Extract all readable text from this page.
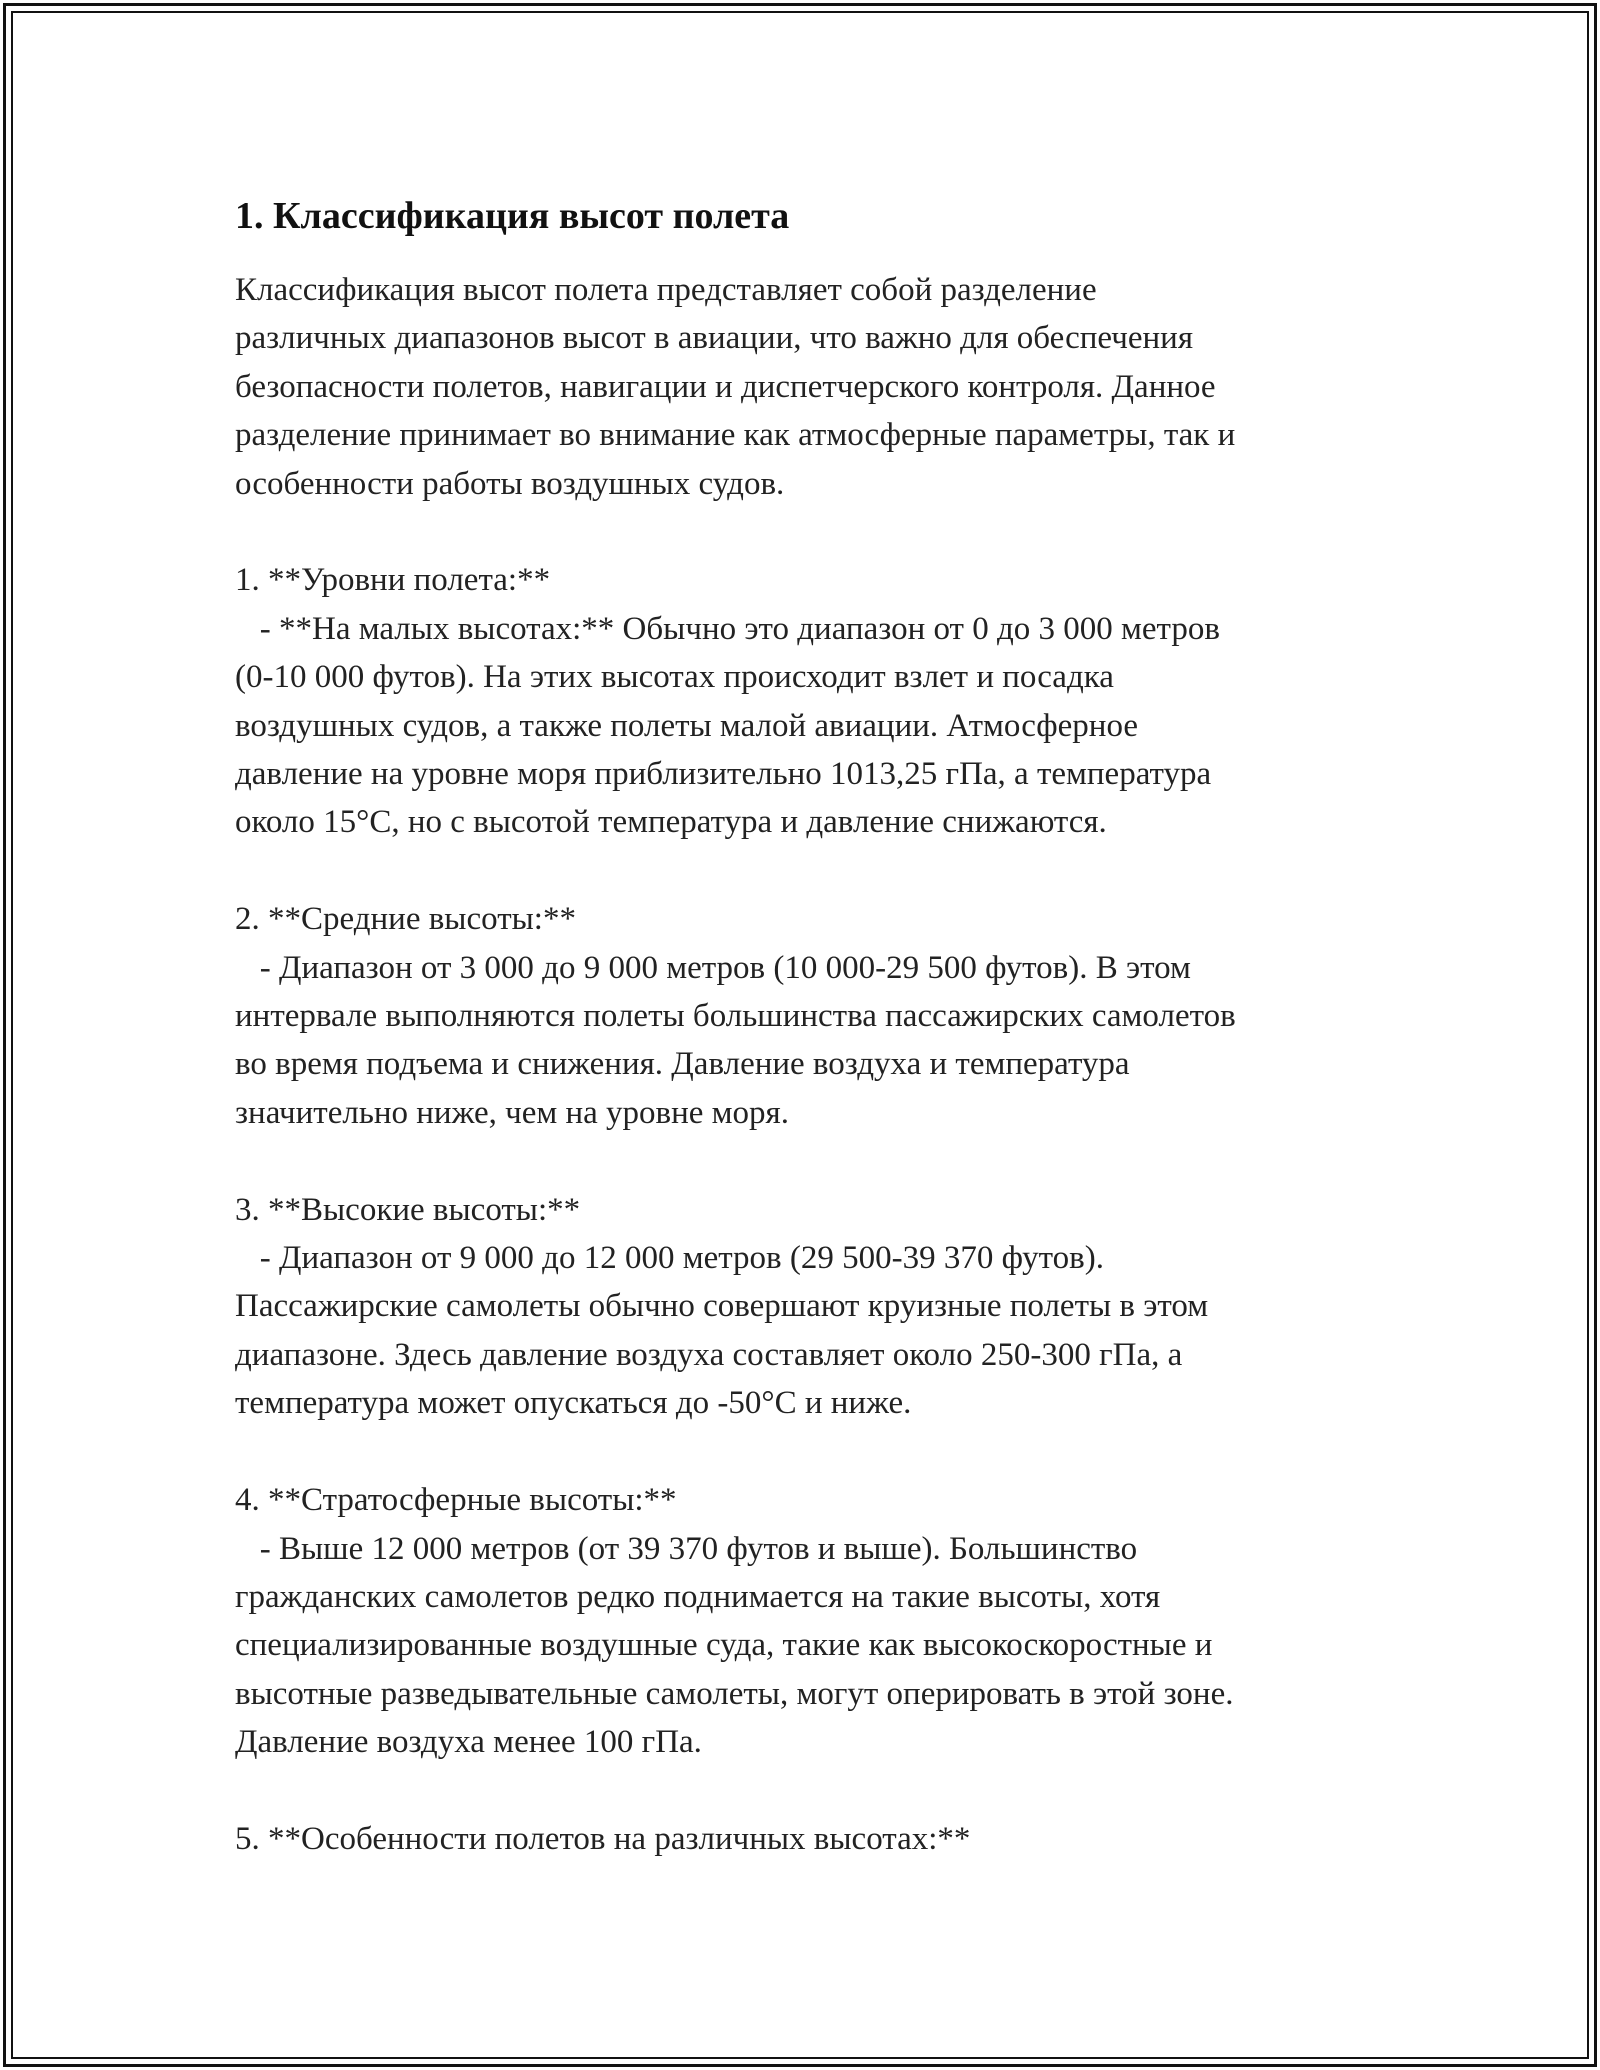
1. Классификация высот полета

Классификация высот полета представляет собой разделение
различных диапазонов высот в авиации, что важно для обеспечения
безопасности полетов, навигации и диспетчерского контроля. Данное
разделение принимает во внимание как атмосферные параметры, так и
особенности работы воздушных судов.

1. **Уровни полета:**

- **На малых высотах:** Обычно это диапазон от 0 до 3 000 метров
(0-10 000 футов). На этих высотах происходит взлет и посадка
воздушных судов, а также полеты малой авиации. Атмосферное
давление на уровне моря приблизительно 1013,25 гПа, а температура
около 15°C, но с высотой температура и давление снижаются.

2. **Средние высоты:**

- Диапазон от 3 000 до 9 000 метров (10 000-29 500 футов). В этом
интервале выполняются полеты большинства пассажирских самолетов
во время подъема и снижения. Давление воздуха и температура
значительно ниже, чем на уровне моря.

3. **Высокие высоты:**

- Диапазон от 9 000 до 12 000 метров (29 500-39 370 футов).
Пассажирские самолеты обычно совершают круизные полеты в этом
диапазоне. Здесь давление воздуха составляет около 250-300 гПа, а
температура может опускаться до -50°C и ниже.

4. **Стратосферные высоты:**

- Выше 12 000 метров (от 39 370 футов и выше). Большинство
гражданских самолетов редко поднимается на такие высоты, хотя
специализированные воздушные суда, такие как высокоскоростные и
высотные разведывательные самолеты, могут оперировать в этой зоне.
Давление воздуха менее 100 гПа.

5. **Особенности полетов на различных высотах:**
